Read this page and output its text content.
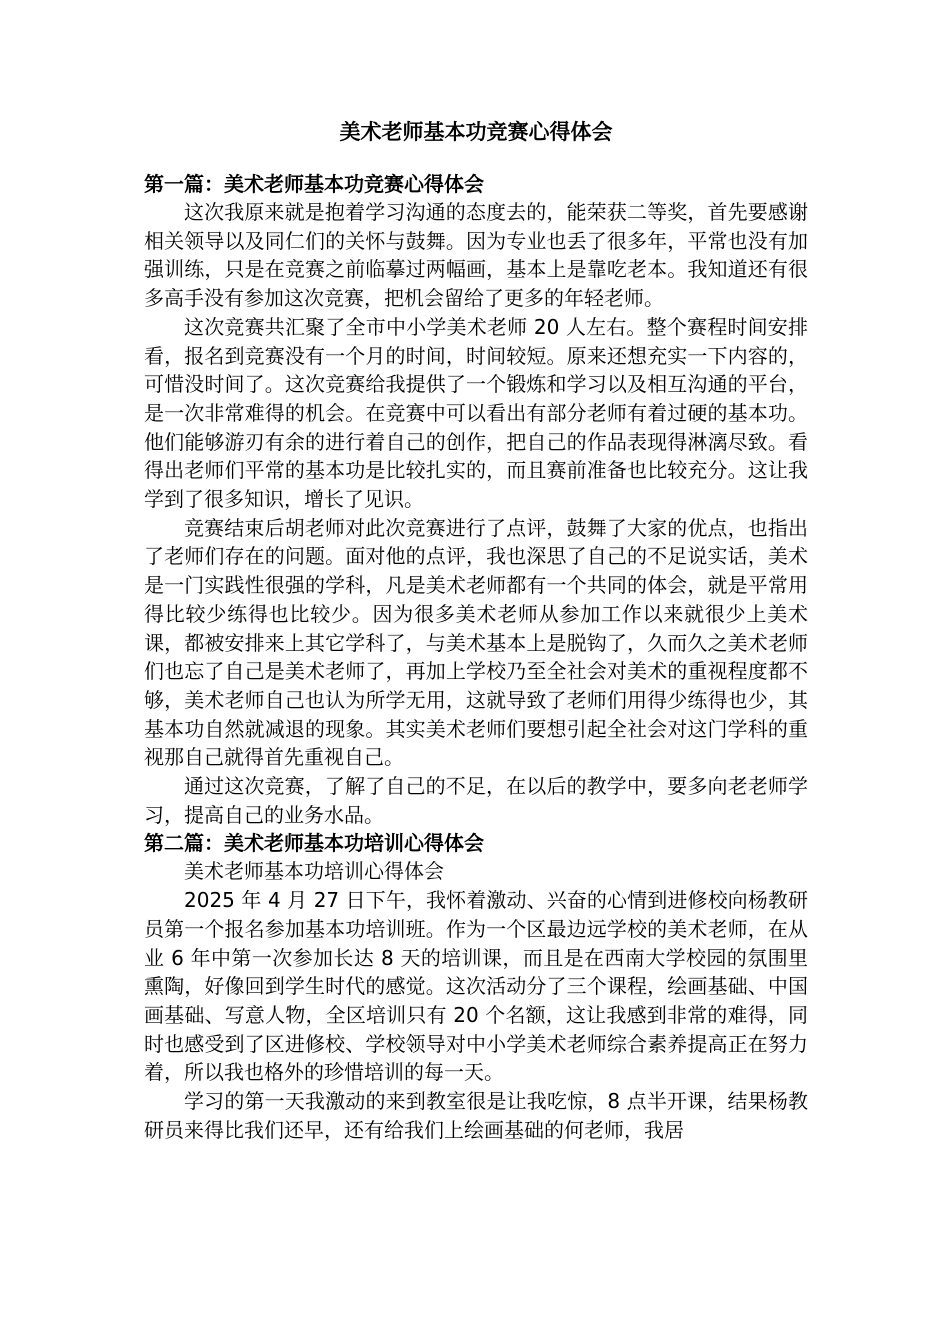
美术老师基本功竞赛心得体会

第一篇：美术老师基本功竞赛心得体会

这次我原来就是抱着学习沟通的态度去的，能荣获二等奖，首先要感谢相关领导以及同仁们的关怀与鼓舞。因为专业也丢了很多年，平常也没有加强训练，只是在竞赛之前临摹过两幅画，基本上是靠吃老本。我知道还有很多高手没有参加这次竞赛，把机会留给了更多的年轻老师。

这次竞赛共汇聚了全市中小学美术老师 20 人左右。整个赛程时间安排看，报名到竞赛没有一个月的时间，时间较短。原来还想充实一下内容的，可惜没时间了。这次竞赛给我提供了一个锻炼和学习以及相互沟通的平台，是一次非常难得的机会。在竞赛中可以看出有部分老师有着过硬的基本功。他们能够游刃有余的进行着自己的创作，把自己的作品表现得淋漓尽致。看得出老师们平常的基本功是比较扎实的，而且赛前准备也比较充分。这让我学到了很多知识，增长了见识。

竞赛结束后胡老师对此次竞赛进行了点评，鼓舞了大家的优点，也指出了老师们存在的问题。面对他的点评，我也深思了自己的不足说实话，美术是一门实践性很强的学科，凡是美术老师都有一个共同的体会，就是平常用得比较少练得也比较少。因为很多美术老师从参加工作以来就很少上美术课，都被安排来上其它学科了，与美术基本上是脱钩了，久而久之美术老师们也忘了自己是美术老师了，再加上学校乃至全社会对美术的重视程度都不够，美术老师自己也认为所学无用，这就导致了老师们用得少练得也少，其基本功自然就减退的现象。其实美术老师们要想引起全社会对这门学科的重视那自己就得首先重视自己。

通过这次竞赛，了解了自己的不足，在以后的教学中，要多向老老师学习，提高自己的业务水品。

第二篇：美术老师基本功培训心得体会

美术老师基本功培训心得体会

2025 年 4 月 27 日下午，我怀着激动、兴奋的心情到进修校向杨教研员第一个报名参加基本功培训班。作为一个区最边远学校的美术老师，在从业 6 年中第一次参加长达 8 天的培训课，而且是在西南大学校园的氛围里熏陶，好像回到学生时代的感觉。这次活动分了三个课程，绘画基础、中国画基础、写意人物，全区培训只有 20 个名额，这让我感到非常的难得，同时也感受到了区进修校、学校领导对中小学美术老师综合素养提高正在努力着，所以我也格外的珍惜培训的每一天。

学习的第一天我激动的来到教室很是让我吃惊，8 点半开课，结果杨教研员来得比我们还早，还有给我们上绘画基础的何老师，我居
